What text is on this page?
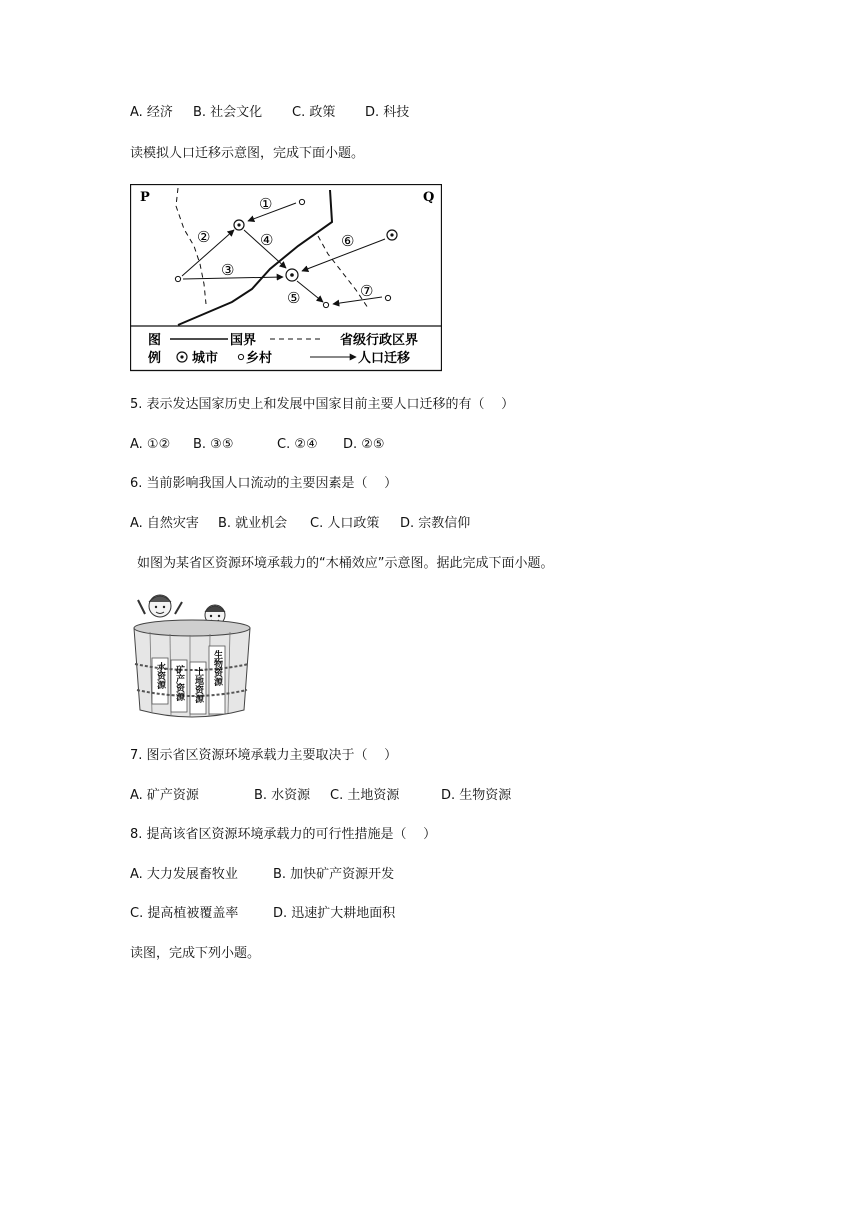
A. 经济 B. 社会文化 C. 政策 D. 科技
读模拟人口迁移示意图，完成下面小题。
P	Q
①
②
③
④
⑤
⑥
⑦
图
例
国界	省级行政区界
城市 乡村	人口迁移
5. 表示发达国家历史上和发展中国家目前主要人口迁移的有（    ）
A. ①② B. ③⑤	C. ②④ D. ②⑤
6. 当前影响我国人口流动的主要因素是（    ）
A. 自然灾害 B. 就业机会 C. 人口政策 D. 宗教信仰
如图为某省区资源环境承载力的“木桶效应”示意图。据此完成下面小题。
水资源 矿产资源 土地资源 生物资源
7. 图示省区资源环境承载力主要取决于（    ）
A. 矿产资源	B. 水资源 C. 土地资源	D. 生物资源
8. 提高该省区资源环境承载力的可行性措施是（    ）
A. 大力发展畜牧业	B. 加快矿产资源开发
C. 提高植被覆盖率	D. 迅速扩大耕地面积
读图，完成下列小题。
